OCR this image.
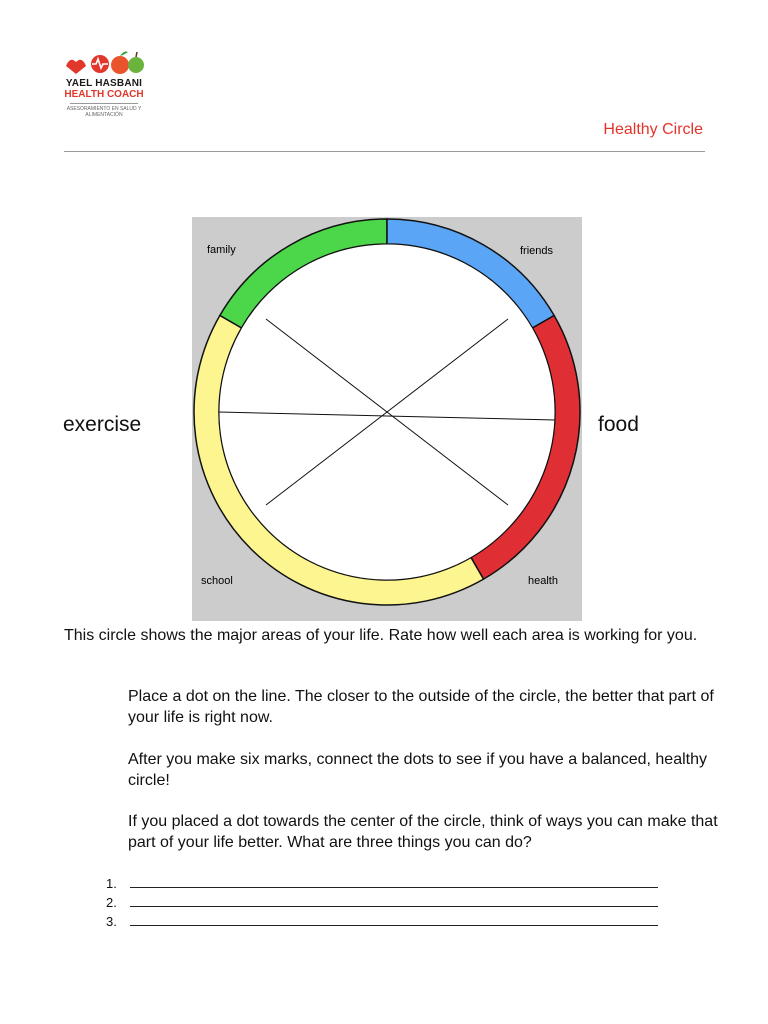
YAEL HASBANI
HEALTH COACH
ASESORAMIENTO EN SALUD Y ALIMENTACIÓN
Healthy Circle
family	friends
school	health
exercise	food

This circle shows the major areas of your life. Rate how well each area is working for you.

Place a dot on the line. The closer to the outside of the circle, the better that part of your life is right now.

After you make six marks, connect the dots to see if you have a balanced, healthy circle!

If you placed a dot towards the center of the circle, think of ways you can make that part of your life better. What are three things you can do?

1.
2.
3.
